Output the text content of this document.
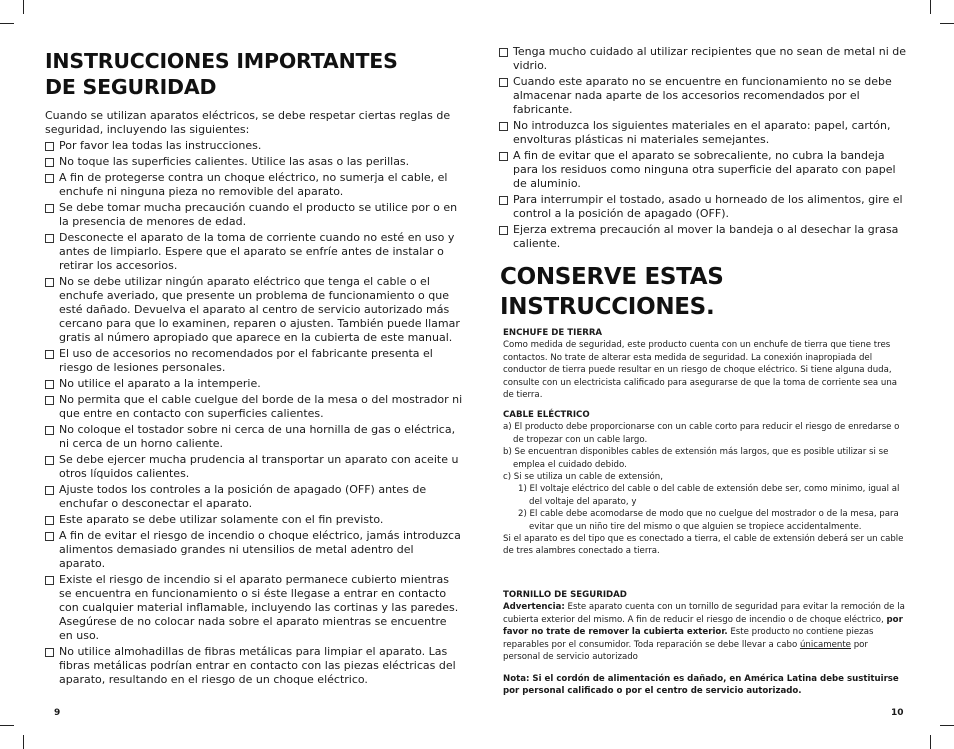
INSTRUCCIONES IMPORTANTES
DE SEGURIDAD

Cuando se utilizan aparatos eléctricos, se debe respetar ciertas reglas de seguridad, incluyendo las siguientes:

Por favor lea todas las instrucciones.
No toque las superficies calientes. Utilice las asas o las perillas.
A fin de protegerse contra un choque eléctrico, no sumerja el cable, el enchufe ni ninguna pieza no removible del aparato.
Se debe tomar mucha precaución cuando el producto se utilice por o en la presencia de menores de edad.
Desconecte el aparato de la toma de corriente cuando no esté en uso y antes de limpiarlo. Espere que el aparato se enfríe antes de instalar o retirar los accesorios.
No se debe utilizar ningún aparato eléctrico que tenga el cable o el enchufe averiado, que presente un problema de funcionamiento o que esté dañado. Devuelva el aparato al centro de servicio autorizado más cercano para que lo examinen, reparen o ajusten. También puede llamar gratis al número apropiado que aparece en la cubierta de este manual.
El uso de accesorios no recomendados por el fabricante presenta el riesgo de lesiones personales.
No utilice el aparato a la intemperie.
No permita que el cable cuelgue del borde de la mesa o del mostrador ni que entre en contacto con superficies calientes.
No coloque el tostador sobre ni cerca de una hornilla de gas o eléctrica, ni cerca de un horno caliente.
Se debe ejercer mucha prudencia al transportar un aparato con aceite u otros líquidos calientes.
Ajuste todos los controles a la posición de apagado (OFF) antes de enchufar o desconectar el aparato.
Este aparato se debe utilizar solamente con el fin previsto.
A fin de evitar el riesgo de incendio o choque eléctrico, jamás introduzca alimentos demasiado grandes ni utensilios de metal adentro del aparato.
Existe el riesgo de incendio si el aparato permanece cubierto mientras se encuentra en funcionamiento o si éste llegase a entrar en contacto con cualquier material inflamable, incluyendo las cortinas y las paredes. Asegúrese de no colocar nada sobre el aparato mientras se encuentre en uso.
No utilice almohadillas de fibras metálicas para limpiar el aparato. Las fibras metálicas podrían entrar en contacto con las piezas eléctricas del aparato, resultando en el riesgo de un choque eléctrico.
9
Tenga mucho cuidado al utilizar recipientes que no sean de metal ni de vidrio.
Cuando este aparato no se encuentre en funcionamiento no se debe almacenar nada aparte de los accesorios recomendados por el fabricante.
No introduzca los siguientes materiales en el aparato: papel, cartón, envolturas plásticas ni materiales semejantes.
A fin de evitar que el aparato se sobrecaliente, no cubra la bandeja para los residuos como ninguna otra superficie del aparato con papel de aluminio.
Para interrumpir el tostado, asado u horneado de los alimentos, gire el control a la posición de apagado (OFF).
Ejerza extrema precaución al mover la bandeja o al desechar la grasa caliente.
CONSERVE ESTAS
INSTRUCCIONES.

ENCHUFE DE TIERRA

Como medida de seguridad, este producto cuenta con un enchufe de tierra que tiene tres contactos. No trate de alterar esta medida de seguridad. La conexión inapropiada del conductor de tierra puede resultar en un riesgo de choque eléctrico. Si tiene alguna duda, consulte con un electricista calificado para asegurarse de que la toma de corriente sea una de tierra.

CABLE ELÉCTRICO

a) El producto debe proporcionarse con un cable corto para reducir el riesgo de enredarse o de tropezar con un cable largo.

b) Se encuentran disponibles cables de extensión más largos, que es posible utilizar si se emplea el cuidado debido.

c) Si se utiliza un cable de extensión,

1) El voltaje eléctrico del cable o del cable de extensión debe ser, como minimo, igual al del voltaje del aparato, y

2) El cable debe acomodarse de modo que no cuelgue del mostrador o de la mesa, para evitar que un niño tire del mismo o que alguien se tropiece accidentalmente.

Si el aparato es del tipo que es conectado a tierra, el cable de extensión deberá ser un cable de tres alambres conectado a tierra.

TORNILLO DE SEGURIDAD

Advertencia: Este aparato cuenta con un tornillo de seguridad para evitar la remoción de la cubierta exterior del mismo. A fin de reducir el riesgo de incendio o de choque eléctrico, por favor no trate de remover la cubierta exterior. Este producto no contiene piezas reparables por el consumidor. Toda reparación se debe llevar a cabo únicamente por personal de servicio autorizado

Nota: Si el cordón de alimentación es dañado, en América Latina debe sustituirse por personal calificado o por el centro de servicio autorizado.

10
